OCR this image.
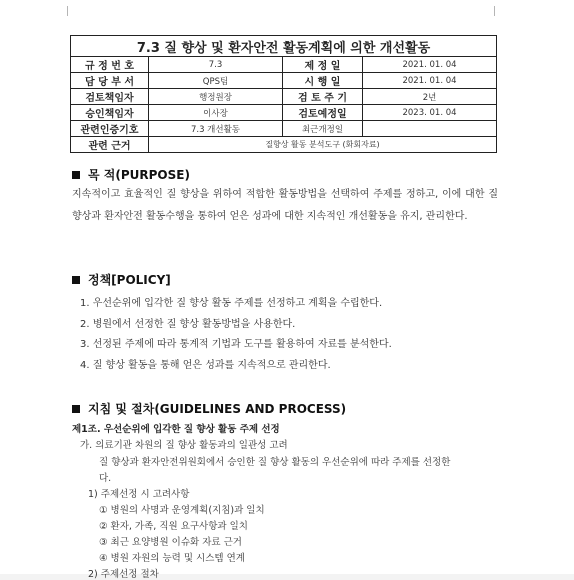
7.3 질 향상 및 환자안전 활동계획에 의한 개선활동			
규 정 번 호	7.3	제 정 일	2021. 01. 04
담 당 부 서	QPS팀	시 행 일	2021. 01. 04
검토책임자	행정원장	검 토 주 기	2년
승인책임자	이사장	검토예정일	2023. 01. 04
관련인증기호	7.3 개선활동	최근개정일	
관련 근거	질향상 활동 분석도구 (화회자료)		
목 적(PURPOSE)
지속적이고 효율적인 질 향상을 위하여 적합한 활동방법을 선택하여 주제를 정하고, 이에 대한 질 향상과 환자안전 활동수행을 통하여 얻은 성과에 대한 지속적인 개선활동을 유지, 관리한다.
정책[POLICY]
1. 우선순위에 입각한 질 향상 활동 주제를 선정하고 계획을 수립한다.
2. 병원에서 선정한 질 향상 활동방법을 사용한다.
3. 선정된 주제에 따라 통계적 기법과 도구를 활용하여 자료를 분석한다.
4. 질 향상 활동을 통해 얻은 성과를 지속적으로 관리한다.
지침 및 절차(GUIDELINES AND PROCESS)
제1조. 우선순위에 입각한 질 향상 활동 주제 선정
가. 의료기관 차원의 질 향상 활동과의 일관성 고려
질 향상과 환자안전위원회에서 승인한 질 향상 활동의 우선순위에 따라 주제를 선정한
다.
1) 주제선정 시 고려사항
① 병원의 사명과 운영계획(지침)과 일치
② 환자, 가족, 직원 요구사항과 일치
③ 최근 요양병원 이슈화 자료 근거
④ 병원 자원의 능력 및 시스템 연계
2) 주제선정 절차
